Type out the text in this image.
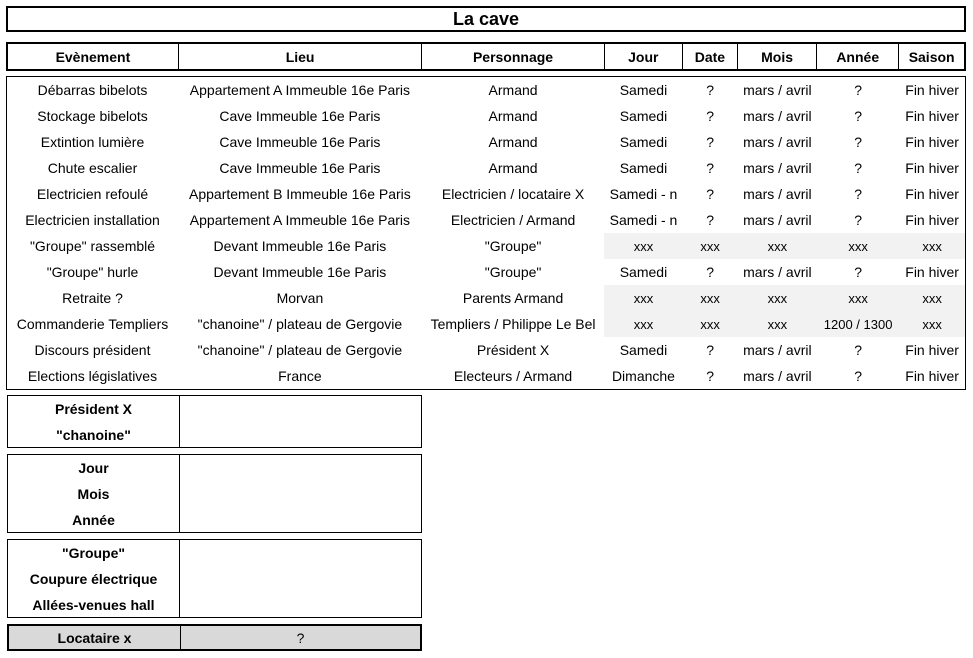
La cave
Evènement	Lieu	Personnage	Jour	Date	Mois	Année	Saison
Débarras bibelots	Appartement A Immeuble 16e Paris	Armand	Samedi	?	mars / avril	?	Fin hiver
Stockage bibelots	Cave Immeuble 16e Paris	Armand	Samedi	?	mars / avril	?	Fin hiver
Extintion lumière	Cave Immeuble 16e Paris	Armand	Samedi	?	mars / avril	?	Fin hiver
Chute escalier	Cave Immeuble 16e Paris	Armand	Samedi	?	mars / avril	?	Fin hiver
Electricien refoulé	Appartement B Immeuble 16e Paris	Electricien / locataire X	Samedi - n	?	mars / avril	?	Fin hiver
Electricien installation	Appartement A Immeuble 16e Paris	Electricien / Armand	Samedi - n	?	mars / avril	?	Fin hiver
"Groupe" rassemblé	Devant Immeuble 16e Paris	"Groupe"	xxx	xxx	xxx	xxx	xxx
"Groupe" hurle	Devant Immeuble 16e Paris	"Groupe"	Samedi	?	mars / avril	?	Fin hiver
Retraite ?	Morvan	Parents Armand	xxx	xxx	xxx	xxx	xxx
Commanderie Templiers	"chanoine" / plateau de Gergovie	Templiers / Philippe Le Bel	xxx	xxx	xxx	1200 / 1300	xxx
Discours président	"chanoine" / plateau de Gergovie	Président X	Samedi	?	mars / avril	?	Fin hiver
Elections législatives	France	Electeurs / Armand	Dimanche	?	mars / avril	?	Fin hiver
Président X
"chanoine"
Jour
Mois
Année
"Groupe"
Coupure électrique
Allées-venues hall
Locataire x	?
